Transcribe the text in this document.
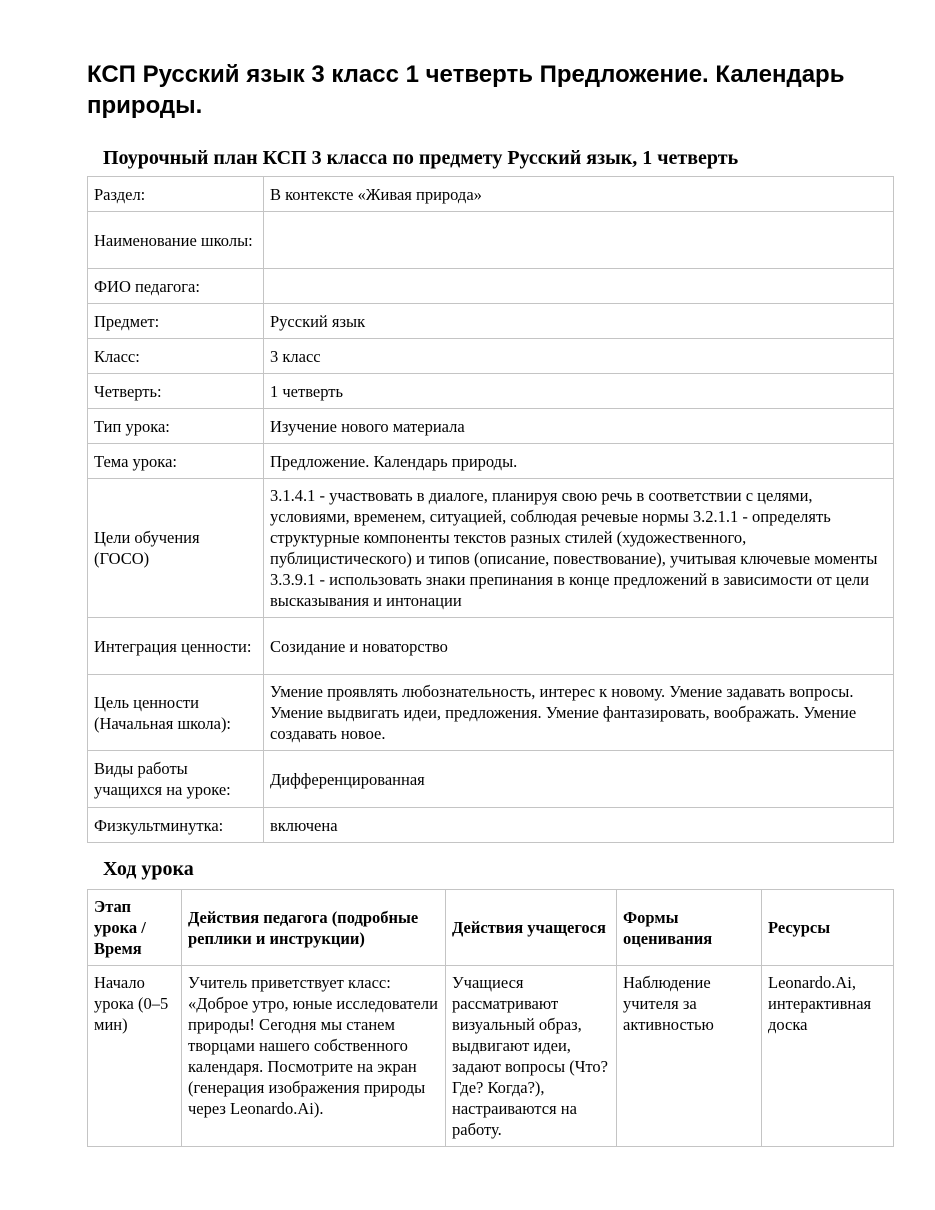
КСП Русский язык 3 класс 1 четверть Предложение. Календарь природы.
Поурочный план КСП 3 класса по предмету Русский язык, 1 четверть
Раздел:	В контексте «Живая природа»
Наименование школы:	
ФИО педагога:	
Предмет:	Русский язык
Класс:	3 класс
Четверть:	1 четверть
Тип урока:	Изучение нового материала
Тема урока:	Предложение. Календарь природы.
Цели обучения (ГОСО)	3.1.4.1 - участвовать в диалоге, планируя свою речь в соответствии с целями, условиями, временем, ситуацией, соблюдая речевые нормы 3.2.1.1 - определять структурные компоненты текстов разных стилей (художественного, публицистического) и типов (описание, повествование), учитывая ключевые моменты 3.3.9.1 - использовать знаки препинания в конце предложений в зависимости от цели высказывания и интонации
Интеграция ценности:	Созидание и новаторство
Цель ценности (Начальная школа):	Умение проявлять любознательность, интерес к новому. Умение задавать вопросы. Умение выдвигать идеи, предложения. Умение фантазировать, воображать. Умение создавать новое.
Виды работы учащихся на уроке:	Дифференцированная
Физкультминутка:	включена
Ход урока
Этап урока / Время	Действия педагога (подробные реплики и инструкции)	Действия учащегося	Формы оценивания	Ресурсы
Начало урока (0–5 мин)	Учитель приветствует класс: «Доброе утро, юные исследователи природы! Сегодня мы станем творцами нашего собственного календаря. Посмотрите на экран (генерация изображения природы через Leonardo.Ai).	Учащиеся рассматривают визуальный образ, выдвигают идеи, задают вопросы (Что? Где? Когда?), настраиваются на работу.	Наблюдение учителя за активностью	Leonardo.Ai, интерактивная доска
